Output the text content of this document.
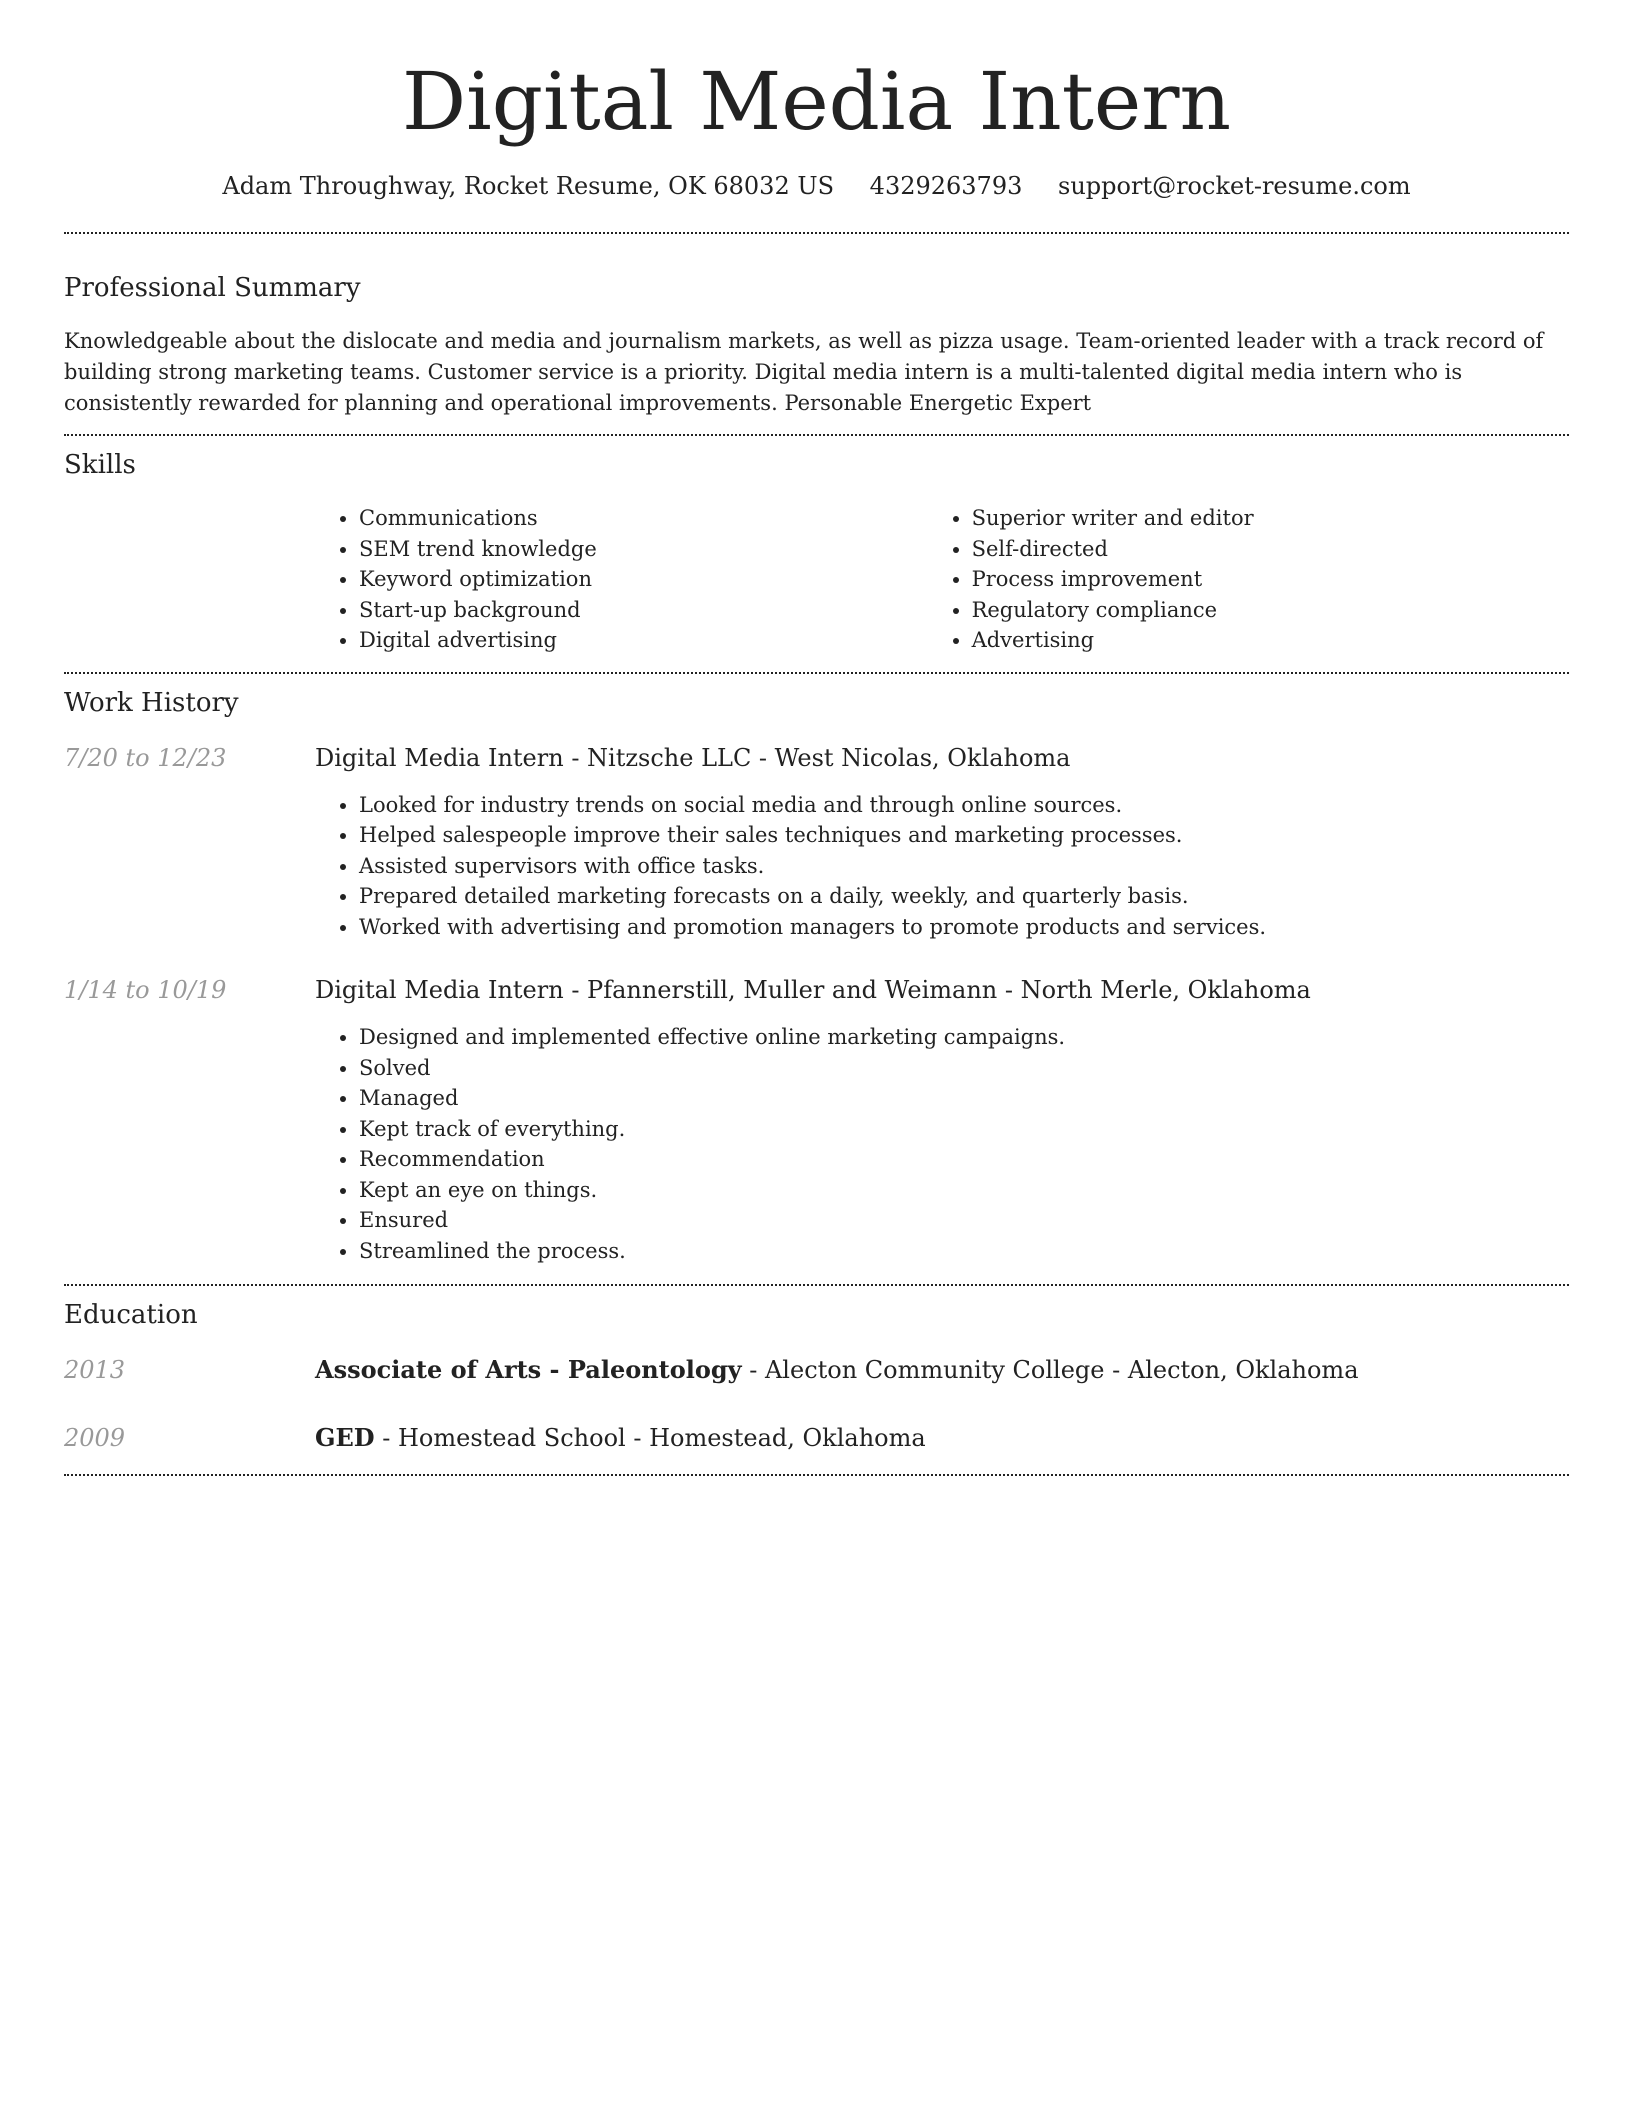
Digital Media Intern
Adam Throughway, Rocket Resume, OK 68032 US 4329263793 support@rocket-resume.com
Professional Summary

Knowledgeable about the dislocate and media and journalism markets, as well as pizza usage. Team-oriented leader with a track record of building strong marketing teams. Customer service is a priority. Digital media intern is a multi-talented digital media intern who is consistently rewarded for planning and operational improvements. Personable Energetic Expert

Skills
• Communications
• SEM trend knowledge
• Keyword optimization
• Start-up background
• Digital advertising
• Superior writer and editor
• Self-directed
• Process improvement
• Regulatory compliance
• Advertising
Work History
7/20 to 12/23	Digital Media Intern - Nitzsche LLC - West Nicolas, Oklahoma
• Looked for industry trends on social media and through online sources.
• Helped salespeople improve their sales techniques and marketing processes.
• Assisted supervisors with office tasks.
• Prepared detailed marketing forecasts on a daily, weekly, and quarterly basis.
• Worked with advertising and promotion managers to promote products and services.
1/14 to 10/19	Digital Media Intern - Pfannerstill, Muller and Weimann - North Merle, Oklahoma
• Designed and implemented effective online marketing campaigns.
• Solved
• Managed
• Kept track of everything.
• Recommendation
• Kept an eye on things.
• Ensured
• Streamlined the process.
Education
2013	Associate of Arts - Paleontology - Alecton Community College - Alecton, Oklahoma
2009	GED - Homestead School - Homestead, Oklahoma
